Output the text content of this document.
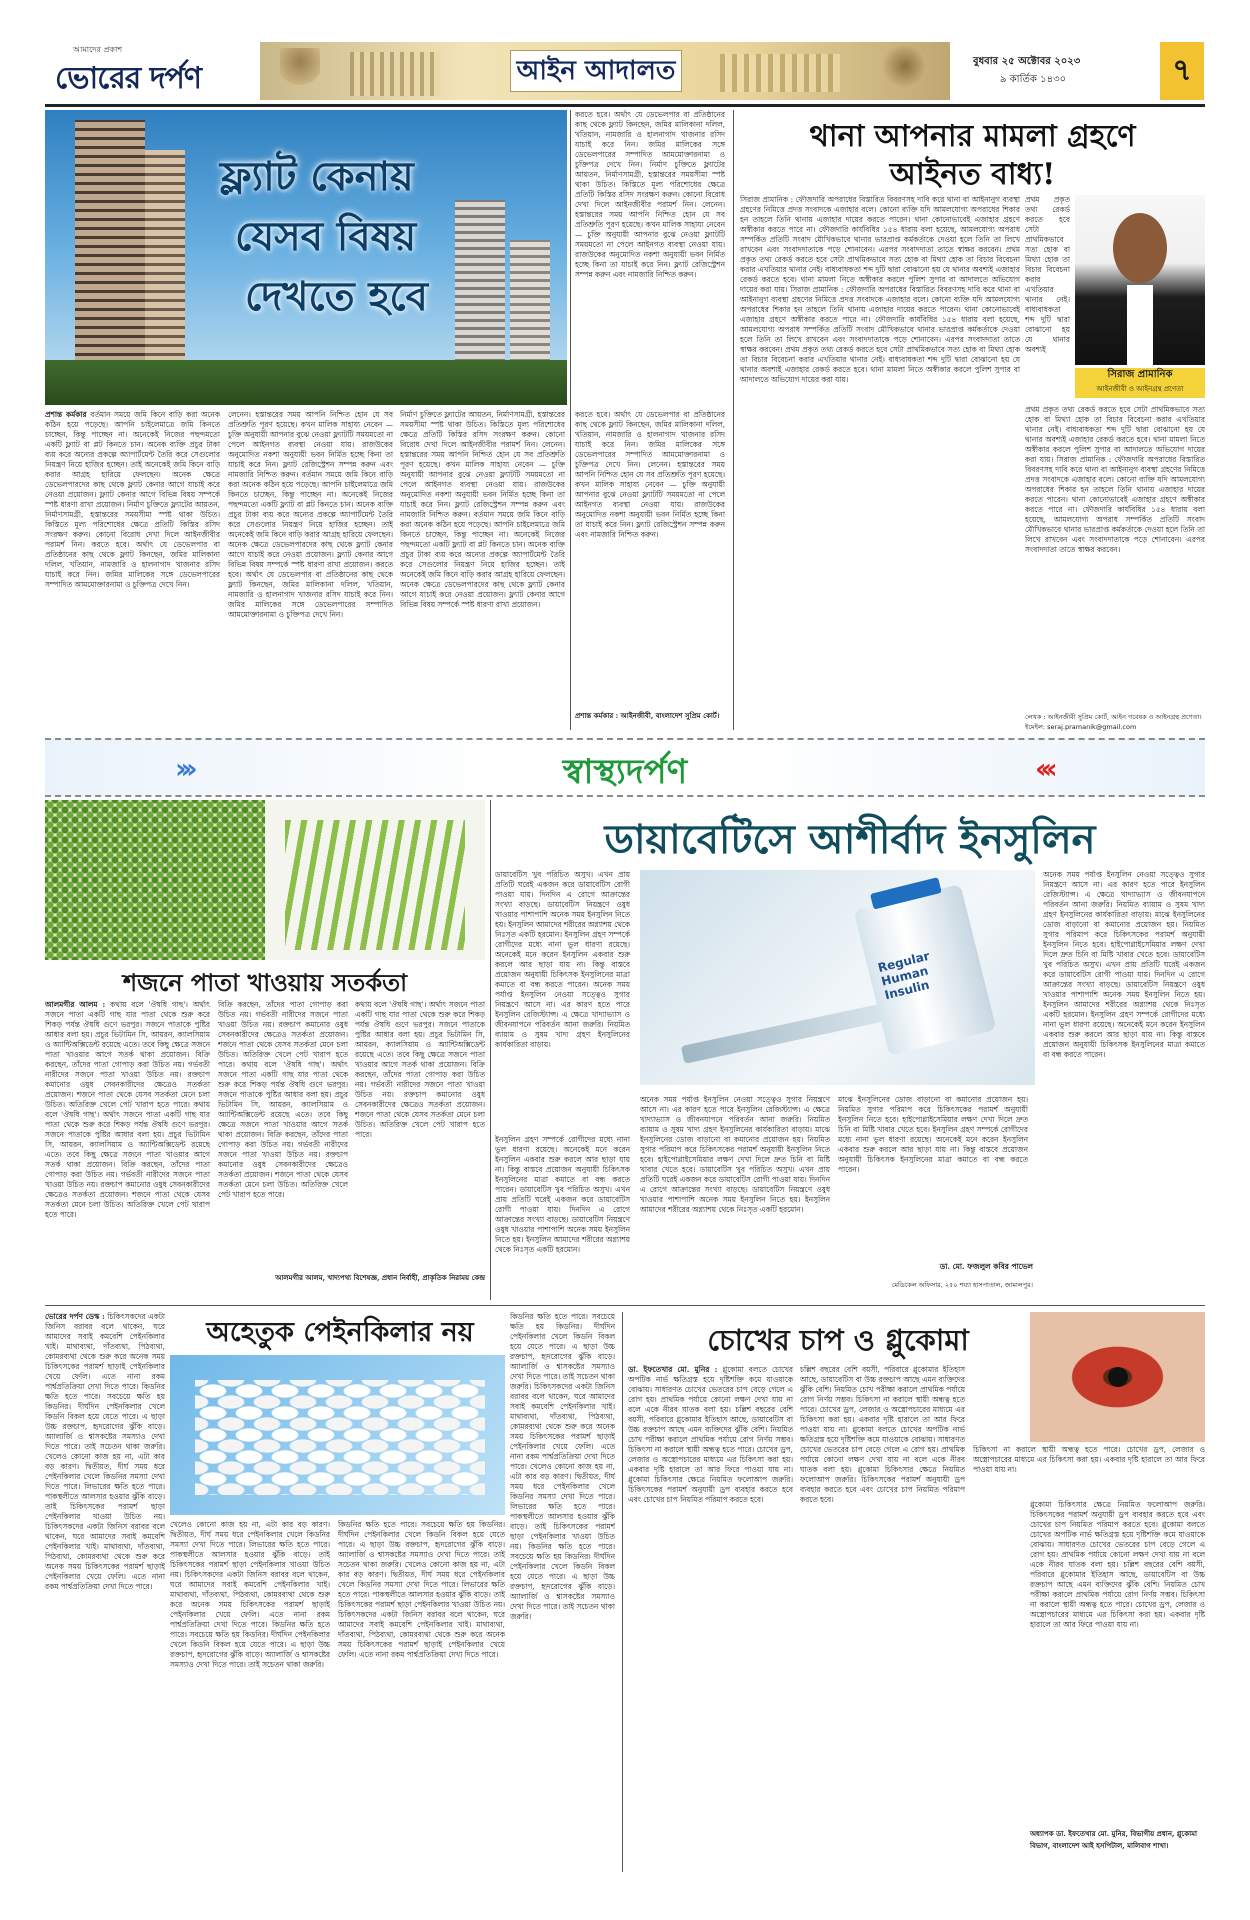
আমাদের প্রকাশ
ভোরের দর্পণ	আইন আদালত	বুধবার ২৫ অক্টোবর ২০২৩
৯ কার্তিক ১৪৩০	৭
ফ্ল্যাট কেনায়
যেসব বিষয়
দেখতে হবে
করতে হবে। অর্থাৎ যে ডেভেলপার বা প্রতিষ্ঠানের কাছ থেকে ফ্ল্যাট কিনছেন, জমির মালিকানা দলিল, খতিয়ান, নামজারি ও হালনাগাদ খাজনার রসিদ যাচাই করে নিন। জমির মালিকের সঙ্গে ডেভেলপারের সম্পাদিত আমমোক্তারনামা ও চুক্তিপত্র দেখে নিন। নির্মাণ চুক্তিতে ফ্ল্যাটের আয়তন, নির্মাণসামগ্রী, হস্তান্তরের সময়সীমা স্পষ্ট থাকা উচিত। কিস্তিতে মূল্য পরিশোধের ক্ষেত্রে প্রতিটি কিস্তির রসিদ সংরক্ষণ করুন। কোনো বিরোধ দেখা দিলে আইনজীবীর পরামর্শ নিন। লেনেন। হস্তান্তরের সময় আপনি নিশ্চিত হোন যে সব প্রতিশ্রুতি পূরণ হয়েছে। কখন মালিক সাহায্য নেবেন — চুক্তি অনুযায়ী আপনার বুঝে নেওয়া ফ্ল্যাটটি সময়মতো না পেলে আইনগত ব্যবস্থা নেওয়া যায়। রাজউকের অনুমোদিত নকশা অনুযায়ী ভবন নির্মিত হচ্ছে কিনা তা যাচাই করে নিন। ফ্ল্যাট রেজিস্ট্রেশন সম্পন্ন করুন এবং নামজারি নিশ্চিত করুন।
প্রশান্ত কর্মকার বর্তমান সময়ে জমি কিনে বাড়ি করা অনেক কঠিন হয়ে পড়েছে। আপনি চাইলেমাত্রে জমি কিনতে চাচ্ছেন, কিন্তু পাচ্ছেন না। অনেকেই নিজের পছন্দমতো একটি ফ্ল্যাট বা প্লট কিনতে চান। অনেক ব্যক্তি প্রচুর টাকা ব্যয় করে অন্যের প্রকল্পে অ্যাপার্টমেন্ট তৈরি করে সেগুলোর নিয়ন্ত্রণ নিয়ে হাজির হচ্ছেন। তাই অনেকেই জমি কিনে বাড়ি করার আগ্রহ হারিয়ে ফেলছেন। অনেক ক্ষেত্রে ডেভেলপারদের কাছ থেকে ফ্ল্যাট কেনার আগে যাচাই করে নেওয়া প্রয়োজন। ফ্ল্যাট কেনার আগে বিভিন্ন বিষয় সম্পর্কে স্পষ্ট ধারণা রাখা প্রয়োজন। নির্মাণ চুক্তিতে ফ্ল্যাটের আয়তন, নির্মাণসামগ্রী, হস্তান্তরের সময়সীমা স্পষ্ট থাকা উচিত। কিস্তিতে মূল্য পরিশোধের ক্ষেত্রে প্রতিটি কিস্তির রসিদ সংরক্ষণ করুন। কোনো বিরোধ দেখা দিলে আইনজীবীর পরামর্শ নিন। করতে হবে। অর্থাৎ যে ডেভেলপার বা প্রতিষ্ঠানের কাছ থেকে ফ্ল্যাট কিনছেন, জমির মালিকানা দলিল, খতিয়ান, নামজারি ও হালনাগাদ খাজনার রসিদ যাচাই করে নিন। জমির মালিকের সঙ্গে ডেভেলপারের সম্পাদিত আমমোক্তারনামা ও চুক্তিপত্র দেখে নিন।
লেনেন। হস্তান্তরের সময় আপনি নিশ্চিত হোন যে সব প্রতিশ্রুতি পূরণ হয়েছে। কখন মালিক সাহায্য নেবেন — চুক্তি অনুযায়ী আপনার বুঝে নেওয়া ফ্ল্যাটটি সময়মতো না পেলে আইনগত ব্যবস্থা নেওয়া যায়। রাজউকের অনুমোদিত নকশা অনুযায়ী ভবন নির্মিত হচ্ছে কিনা তা যাচাই করে নিন। ফ্ল্যাট রেজিস্ট্রেশন সম্পন্ন করুন এবং নামজারি নিশ্চিত করুন। বর্তমান সময়ে জমি কিনে বাড়ি করা অনেক কঠিন হয়ে পড়েছে। আপনি চাইলেমাত্রে জমি কিনতে চাচ্ছেন, কিন্তু পাচ্ছেন না। অনেকেই নিজের পছন্দমতো একটি ফ্ল্যাট বা প্লট কিনতে চান। অনেক ব্যক্তি প্রচুর টাকা ব্যয় করে অন্যের প্রকল্পে অ্যাপার্টমেন্ট তৈরি করে সেগুলোর নিয়ন্ত্রণ নিয়ে হাজির হচ্ছেন। তাই অনেকেই জমি কিনে বাড়ি করার আগ্রহ হারিয়ে ফেলছেন। অনেক ক্ষেত্রে ডেভেলপারদের কাছ থেকে ফ্ল্যাট কেনার আগে যাচাই করে নেওয়া প্রয়োজন। ফ্ল্যাট কেনার আগে বিভিন্ন বিষয় সম্পর্কে স্পষ্ট ধারণা রাখা প্রয়োজন। করতে হবে। অর্থাৎ যে ডেভেলপার বা প্রতিষ্ঠানের কাছ থেকে ফ্ল্যাট কিনছেন, জমির মালিকানা দলিল, খতিয়ান, নামজারি ও হালনাগাদ খাজনার রসিদ যাচাই করে নিন। জমির মালিকের সঙ্গে ডেভেলপারের সম্পাদিত আমমোক্তারনামা ও চুক্তিপত্র দেখে নিন।
নির্মাণ চুক্তিতে ফ্ল্যাটের আয়তন, নির্মাণসামগ্রী, হস্তান্তরের সময়সীমা স্পষ্ট থাকা উচিত। কিস্তিতে মূল্য পরিশোধের ক্ষেত্রে প্রতিটি কিস্তির রসিদ সংরক্ষণ করুন। কোনো বিরোধ দেখা দিলে আইনজীবীর পরামর্শ নিন। লেনেন। হস্তান্তরের সময় আপনি নিশ্চিত হোন যে সব প্রতিশ্রুতি পূরণ হয়েছে। কখন মালিক সাহায্য নেবেন — চুক্তি অনুযায়ী আপনার বুঝে নেওয়া ফ্ল্যাটটি সময়মতো না পেলে আইনগত ব্যবস্থা নেওয়া যায়। রাজউকের অনুমোদিত নকশা অনুযায়ী ভবন নির্মিত হচ্ছে কিনা তা যাচাই করে নিন। ফ্ল্যাট রেজিস্ট্রেশন সম্পন্ন করুন এবং নামজারি নিশ্চিত করুন। বর্তমান সময়ে জমি কিনে বাড়ি করা অনেক কঠিন হয়ে পড়েছে। আপনি চাইলেমাত্রে জমি কিনতে চাচ্ছেন, কিন্তু পাচ্ছেন না। অনেকেই নিজের পছন্দমতো একটি ফ্ল্যাট বা প্লট কিনতে চান। অনেক ব্যক্তি প্রচুর টাকা ব্যয় করে অন্যের প্রকল্পে অ্যাপার্টমেন্ট তৈরি করে সেগুলোর নিয়ন্ত্রণ নিয়ে হাজির হচ্ছেন। তাই অনেকেই জমি কিনে বাড়ি করার আগ্রহ হারিয়ে ফেলছেন। অনেক ক্ষেত্রে ডেভেলপারদের কাছ থেকে ফ্ল্যাট কেনার আগে যাচাই করে নেওয়া প্রয়োজন। ফ্ল্যাট কেনার আগে বিভিন্ন বিষয় সম্পর্কে স্পষ্ট ধারণা রাখা প্রয়োজন।
করতে হবে। অর্থাৎ যে ডেভেলপার বা প্রতিষ্ঠানের কাছ থেকে ফ্ল্যাট কিনছেন, জমির মালিকানা দলিল, খতিয়ান, নামজারি ও হালনাগাদ খাজনার রসিদ যাচাই করে নিন। জমির মালিকের সঙ্গে ডেভেলপারের সম্পাদিত আমমোক্তারনামা ও চুক্তিপত্র দেখে নিন। লেনেন। হস্তান্তরের সময় আপনি নিশ্চিত হোন যে সব প্রতিশ্রুতি পূরণ হয়েছে। কখন মালিক সাহায্য নেবেন — চুক্তি অনুযায়ী আপনার বুঝে নেওয়া ফ্ল্যাটটি সময়মতো না পেলে আইনগত ব্যবস্থা নেওয়া যায়। রাজউকের অনুমোদিত নকশা অনুযায়ী ভবন নির্মিত হচ্ছে কিনা তা যাচাই করে নিন। ফ্ল্যাট রেজিস্ট্রেশন সম্পন্ন করুন এবং নামজারি নিশ্চিত করুন।
প্রশান্ত কর্মকার : আইনজীবী, বাংলাদেশ সুপ্রিম কোর্ট।
থানা আপনার মামলা গ্রহণে
আইনত বাধ্য!
সিরাজ প্রামানিক : ফৌজদারি অপরাধের বিস্তারিত বিবরণসহ দাবি করে থানা বা আইনানুগ ব্যবস্থা গ্রহণের নিমিত্তে প্রদত্ত সংবাদকে এজাহার বলে। কোনো ব্যক্তি যদি আমলযোগ্য অপরাধের শিকার হন তাহলে তিনি থানায় এজাহার দায়ের করতে পারেন। থানা কোনোভাবেই এজাহার গ্রহণে অস্বীকার করতে পারে না। ফৌজদারি কার্যবিধির ১৫৪ ধারায় বলা হয়েছে, আমলযোগ্য অপরাধ সম্পর্কিত প্রতিটি সংবাদ মৌখিকভাবে থানার ভারপ্রাপ্ত কর্মকর্তাকে দেওয়া হলে তিনি তা লিখে রাখবেন এবং সংবাদদাতাকে পড়ে শোনাবেন। এরপর সংবাদদাতা তাতে স্বাক্ষর করবেন। প্রথম প্রকৃত তথ্য রেকর্ড করতে হবে সেটা প্রাথমিকভাবে সত্য হোক বা মিথ্যা হোক তা বিচার বিবেচনা করার এখতিয়ার থানার নেই। বাধ্যবাধকতা শব্দ দুটি দ্বারা বোঝানো হয় যে থানার অবশ্যই এজাহার রেকর্ড করতে হবে। থানা মামলা নিতে অস্বীকার করলে পুলিশ সুপার বা আদালতে অভিযোগ দায়ের করা যায়। সিরাজ প্রামানিক : ফৌজদারি অপরাধের বিস্তারিত বিবরণসহ দাবি করে থানা বা আইনানুগ ব্যবস্থা গ্রহণের নিমিত্তে প্রদত্ত সংবাদকে এজাহার বলে। কোনো ব্যক্তি যদি আমলযোগ্য অপরাধের শিকার হন তাহলে তিনি থানায় এজাহার দায়ের করতে পারেন। থানা কোনোভাবেই এজাহার গ্রহণে অস্বীকার করতে পারে না। ফৌজদারি কার্যবিধির ১৫৪ ধারায় বলা হয়েছে, আমলযোগ্য অপরাধ সম্পর্কিত প্রতিটি সংবাদ মৌখিকভাবে থানার ভারপ্রাপ্ত কর্মকর্তাকে দেওয়া হলে তিনি তা লিখে রাখবেন এবং সংবাদদাতাকে পড়ে শোনাবেন। এরপর সংবাদদাতা তাতে স্বাক্ষর করবেন। প্রথম প্রকৃত তথ্য রেকর্ড করতে হবে সেটা প্রাথমিকভাবে সত্য হোক বা মিথ্যা হোক তা বিচার বিবেচনা করার এখতিয়ার থানার নেই। বাধ্যবাধকতা শব্দ দুটি দ্বারা বোঝানো হয় যে থানার অবশ্যই এজাহার রেকর্ড করতে হবে। থানা মামলা নিতে অস্বীকার করলে পুলিশ সুপার বা আদালতে অভিযোগ দায়ের করা যায়।
প্রথম প্রকৃত তথ্য রেকর্ড করতে হবে সেটা প্রাথমিকভাবে সত্য হোক বা মিথ্যা হোক তা বিচার বিবেচনা করার এখতিয়ার থানার নেই। বাধ্যবাধকতা শব্দ দুটি দ্বারা বোঝানো হয় যে থানার অবশ্যই
সিরাজ প্রামানিক
আইনজীবী ও আইনগ্রন্থ প্রণেতা
প্রথম প্রকৃত তথ্য রেকর্ড করতে হবে সেটা প্রাথমিকভাবে সত্য হোক বা মিথ্যা হোক তা বিচার বিবেচনা করার এখতিয়ার থানার নেই। বাধ্যবাধকতা শব্দ দুটি দ্বারা বোঝানো হয় যে থানার অবশ্যই এজাহার রেকর্ড করতে হবে। থানা মামলা নিতে অস্বীকার করলে পুলিশ সুপার বা আদালতে অভিযোগ দায়ের করা যায়। সিরাজ প্রামানিক : ফৌজদারি অপরাধের বিস্তারিত বিবরণসহ দাবি করে থানা বা আইনানুগ ব্যবস্থা গ্রহণের নিমিত্তে প্রদত্ত সংবাদকে এজাহার বলে। কোনো ব্যক্তি যদি আমলযোগ্য অপরাধের শিকার হন তাহলে তিনি থানায় এজাহার দায়ের করতে পারেন। থানা কোনোভাবেই এজাহার গ্রহণে অস্বীকার করতে পারে না। ফৌজদারি কার্যবিধির ১৫৪ ধারায় বলা হয়েছে, আমলযোগ্য অপরাধ সম্পর্কিত প্রতিটি সংবাদ মৌখিকভাবে থানার ভারপ্রাপ্ত কর্মকর্তাকে দেওয়া হলে তিনি তা লিখে রাখবেন এবং সংবাদদাতাকে পড়ে শোনাবেন। এরপর সংবাদদাতা তাতে স্বাক্ষর করবেন।
লেখক : আইনজীবী সুপ্রিম কোর্ট, আইন গবেষক ও আইনগ্রন্থ প্রণেতা।
ইমেইল: seraj.pramanik@gmail.com
›››	স্বাস্থ্যদর্পণ	‹‹‹
শজনে পাতা খাওয়ায় সতর্কতা
আলমগীর আলম : কথায় বলে 'ঔষধি গাছ'। অর্থাৎ সজনে পাতা একটি গাছ যার পাতা থেকে শুরু করে শিকড় পর্যন্ত ঔষধি গুণে ভরপুর। সজনে পাতাকে পুষ্টির আধার বলা হয়। প্রচুর ভিটামিন সি, আয়রন, ক্যালসিয়াম ও অ্যান্টিঅক্সিডেন্ট রয়েছে এতে। তবে কিছু ক্ষেত্রে সজনে পাতা খাওয়ার আগে সতর্ক থাকা প্রয়োজন। বিক্রি করছেন, তাঁদের পাতা গোপাড় করা উচিত নয়। গর্ভবতী নারীদের সজনে পাতা খাওয়া উচিত নয়। রক্তচাপ কমানোর ওষুধ সেবনকারীদের ক্ষেত্রেও সতর্কতা প্রয়োজন। শজনে পাতা থেকে যেসব সতর্কতা মেনে চলা উচিত। অতিরিক্ত খেলে পেট খারাপ হতে পারে। কথায় বলে 'ঔষধি গাছ'। অর্থাৎ সজনে পাতা একটি গাছ যার পাতা থেকে শুরু করে শিকড় পর্যন্ত ঔষধি গুণে ভরপুর। সজনে পাতাকে পুষ্টির আধার বলা হয়। প্রচুর ভিটামিন সি, আয়রন, ক্যালসিয়াম ও অ্যান্টিঅক্সিডেন্ট রয়েছে এতে। তবে কিছু ক্ষেত্রে সজনে পাতা খাওয়ার আগে সতর্ক থাকা প্রয়োজন। বিক্রি করছেন, তাঁদের পাতা গোপাড় করা উচিত নয়। গর্ভবতী নারীদের সজনে পাতা খাওয়া উচিত নয়। রক্তচাপ কমানোর ওষুধ সেবনকারীদের ক্ষেত্রেও সতর্কতা প্রয়োজন। শজনে পাতা থেকে যেসব সতর্কতা মেনে চলা উচিত। অতিরিক্ত খেলে পেট খারাপ হতে পারে।
বিক্রি করছেন, তাঁদের পাতা গোপাড় করা উচিত নয়। গর্ভবতী নারীদের সজনে পাতা খাওয়া উচিত নয়। রক্তচাপ কমানোর ওষুধ সেবনকারীদের ক্ষেত্রেও সতর্কতা প্রয়োজন। শজনে পাতা থেকে যেসব সতর্কতা মেনে চলা উচিত। অতিরিক্ত খেলে পেট খারাপ হতে পারে। কথায় বলে 'ঔষধি গাছ'। অর্থাৎ সজনে পাতা একটি গাছ যার পাতা থেকে শুরু করে শিকড় পর্যন্ত ঔষধি গুণে ভরপুর। সজনে পাতাকে পুষ্টির আধার বলা হয়। প্রচুর ভিটামিন সি, আয়রন, ক্যালসিয়াম ও অ্যান্টিঅক্সিডেন্ট রয়েছে এতে। তবে কিছু ক্ষেত্রে সজনে পাতা খাওয়ার আগে সতর্ক থাকা প্রয়োজন। বিক্রি করছেন, তাঁদের পাতা গোপাড় করা উচিত নয়। গর্ভবতী নারীদের সজনে পাতা খাওয়া উচিত নয়। রক্তচাপ কমানোর ওষুধ সেবনকারীদের ক্ষেত্রেও সতর্কতা প্রয়োজন। শজনে পাতা থেকে যেসব সতর্কতা মেনে চলা উচিত। অতিরিক্ত খেলে পেট খারাপ হতে পারে।
কথায় বলে 'ঔষধি গাছ'। অর্থাৎ সজনে পাতা একটি গাছ যার পাতা থেকে শুরু করে শিকড় পর্যন্ত ঔষধি গুণে ভরপুর। সজনে পাতাকে পুষ্টির আধার বলা হয়। প্রচুর ভিটামিন সি, আয়রন, ক্যালসিয়াম ও অ্যান্টিঅক্সিডেন্ট রয়েছে এতে। তবে কিছু ক্ষেত্রে সজনে পাতা খাওয়ার আগে সতর্ক থাকা প্রয়োজন। বিক্রি করছেন, তাঁদের পাতা গোপাড় করা উচিত নয়। গর্ভবতী নারীদের সজনে পাতা খাওয়া উচিত নয়। রক্তচাপ কমানোর ওষুধ সেবনকারীদের ক্ষেত্রেও সতর্কতা প্রয়োজন। শজনে পাতা থেকে যেসব সতর্কতা মেনে চলা উচিত। অতিরিক্ত খেলে পেট খারাপ হতে পারে।
আলমগীর আলম, খাদ্যপথ্য বিশেষজ্ঞ, প্রধান নির্বাহী, প্রাকৃতিক নিরাময় কেন্দ্র
ডায়াবেটিসে আশীর্বাদ ইনসুলিন
ডায়াবেটিস খুব পরিচিত অসুখ। এখন প্রায় প্রতিটি ঘরেই একজন করে ডায়াবেটিস রোগী পাওয়া যায়। দিনদিন এ রোগে আক্রান্তের সংখ্যা বাড়ছে। ডায়াবেটিস নিয়ন্ত্রণে ওষুধ খাওয়ার পাশাপাশি অনেক সময় ইনসুলিন নিতে হয়। ইনসুলিন আমাদের শরীরের অগ্ন্যাশয় থেকে নিঃসৃত একটি হরমোন। ইনসুলিন গ্রহণ সম্পর্কে রোগীদের মধ্যে নানা ভুল ধারণা রয়েছে। অনেকেই মনে করেন ইনসুলিন একবার শুরু করলে আর ছাড়া যায় না। কিন্তু বাস্তবে প্রয়োজন অনুযায়ী চিকিৎসক ইনসুলিনের মাত্রা কমাতে বা বন্ধ করতে পারেন। অনেক সময় পর্যাপ্ত ইনসুলিন নেওয়া সত্ত্বেও সুগার নিয়ন্ত্রণে আসে না। এর কারণ হতে পারে ইনসুলিন রেজিস্ট্যান্স। এ ক্ষেত্রে খাদ্যাভ্যাস ও জীবনযাপনে পরিবর্তন আনা জরুরি। নিয়মিত ব্যায়াম ও সুষম খাদ্য গ্রহণ ইনসুলিনের কার্যকারিতা বাড়ায়।
Regular Human Insulin
ইনসুলিন গ্রহণ সম্পর্কে রোগীদের মধ্যে নানা ভুল ধারণা রয়েছে। অনেকেই মনে করেন ইনসুলিন একবার শুরু করলে আর ছাড়া যায় না। কিন্তু বাস্তবে প্রয়োজন অনুযায়ী চিকিৎসক ইনসুলিনের মাত্রা কমাতে বা বন্ধ করতে পারেন। ডায়াবেটিস খুব পরিচিত অসুখ। এখন প্রায় প্রতিটি ঘরেই একজন করে ডায়াবেটিস রোগী পাওয়া যায়। দিনদিন এ রোগে আক্রান্তের সংখ্যা বাড়ছে। ডায়াবেটিস নিয়ন্ত্রণে ওষুধ খাওয়ার পাশাপাশি অনেক সময় ইনসুলিন নিতে হয়। ইনসুলিন আমাদের শরীরের অগ্ন্যাশয় থেকে নিঃসৃত একটি হরমোন।
অনেক সময় পর্যাপ্ত ইনসুলিন নেওয়া সত্ত্বেও সুগার নিয়ন্ত্রণে আসে না। এর কারণ হতে পারে ইনসুলিন রেজিস্ট্যান্স। এ ক্ষেত্রে খাদ্যাভ্যাস ও জীবনযাপনে পরিবর্তন আনা জরুরি। নিয়মিত ব্যায়াম ও সুষম খাদ্য গ্রহণ ইনসুলিনের কার্যকারিতা বাড়ায়। মাঝে ইনসুলিনের ডোজ বাড়ানো বা কমানোর প্রয়োজন হয়। নিয়মিত সুগার পরিমাপ করে চিকিৎসকের পরামর্শ অনুযায়ী ইনসুলিন নিতে হবে। হাইপোগ্লাইসেমিয়ার লক্ষণ দেখা দিলে দ্রুত চিনি বা মিষ্টি খাবার খেতে হবে। ডায়াবেটিস খুব পরিচিত অসুখ। এখন প্রায় প্রতিটি ঘরেই একজন করে ডায়াবেটিস রোগী পাওয়া যায়। দিনদিন এ রোগে আক্রান্তের সংখ্যা বাড়ছে। ডায়াবেটিস নিয়ন্ত্রণে ওষুধ খাওয়ার পাশাপাশি অনেক সময় ইনসুলিন নিতে হয়। ইনসুলিন আমাদের শরীরের অগ্ন্যাশয় থেকে নিঃসৃত একটি হরমোন।
মাঝে ইনসুলিনের ডোজ বাড়ানো বা কমানোর প্রয়োজন হয়। নিয়মিত সুগার পরিমাপ করে চিকিৎসকের পরামর্শ অনুযায়ী ইনসুলিন নিতে হবে। হাইপোগ্লাইসেমিয়ার লক্ষণ দেখা দিলে দ্রুত চিনি বা মিষ্টি খাবার খেতে হবে। ইনসুলিন গ্রহণ সম্পর্কে রোগীদের মধ্যে নানা ভুল ধারণা রয়েছে। অনেকেই মনে করেন ইনসুলিন একবার শুরু করলে আর ছাড়া যায় না। কিন্তু বাস্তবে প্রয়োজন অনুযায়ী চিকিৎসক ইনসুলিনের মাত্রা কমাতে বা বন্ধ করতে পারেন।
অনেক সময় পর্যাপ্ত ইনসুলিন নেওয়া সত্ত্বেও সুগার নিয়ন্ত্রণে আসে না। এর কারণ হতে পারে ইনসুলিন রেজিস্ট্যান্স। এ ক্ষেত্রে খাদ্যাভ্যাস ও জীবনযাপনে পরিবর্তন আনা জরুরি। নিয়মিত ব্যায়াম ও সুষম খাদ্য গ্রহণ ইনসুলিনের কার্যকারিতা বাড়ায়। মাঝে ইনসুলিনের ডোজ বাড়ানো বা কমানোর প্রয়োজন হয়। নিয়মিত সুগার পরিমাপ করে চিকিৎসকের পরামর্শ অনুযায়ী ইনসুলিন নিতে হবে। হাইপোগ্লাইসেমিয়ার লক্ষণ দেখা দিলে দ্রুত চিনি বা মিষ্টি খাবার খেতে হবে। ডায়াবেটিস খুব পরিচিত অসুখ। এখন প্রায় প্রতিটি ঘরেই একজন করে ডায়াবেটিস রোগী পাওয়া যায়। দিনদিন এ রোগে আক্রান্তের সংখ্যা বাড়ছে। ডায়াবেটিস নিয়ন্ত্রণে ওষুধ খাওয়ার পাশাপাশি অনেক সময় ইনসুলিন নিতে হয়। ইনসুলিন আমাদের শরীরের অগ্ন্যাশয় থেকে নিঃসৃত একটি হরমোন। ইনসুলিন গ্রহণ সম্পর্কে রোগীদের মধ্যে নানা ভুল ধারণা রয়েছে। অনেকেই মনে করেন ইনসুলিন একবার শুরু করলে আর ছাড়া যায় না। কিন্তু বাস্তবে প্রয়োজন অনুযায়ী চিকিৎসক ইনসুলিনের মাত্রা কমাতে বা বন্ধ করতে পারেন।
ডা. মো. ফজলুল কবির পাভেল
মেডিকেল অফিসার, ২৫০ শয্যা হাসপাতাল, জামালপুর।
ভোরের দর্পণ ডেস্ক : চিকিৎসকদের একটা জিনিস বরাবর বলে থাকেন, ঘরে আমাদের সবাই কমবেশি পেইনকিলার খাই। মাথাব্যথা, দাঁতব্যথা, পিঠব্যথা, কোমরব্যথা থেকে শুরু করে অনেক সময় চিকিৎসকের পরামর্শ ছাড়াই পেইনকিলার খেয়ে ফেলি। এতে নানা রকম পার্শ্বপ্রতিক্রিয়া দেখা দিতে পারে। কিডনির ক্ষতি হতে পারে। সবচেয়ে ক্ষতি হয় কিডনির। দীর্ঘদিন পেইনকিলার খেলে কিডনি বিকল হয়ে যেতে পারে। এ ছাড়া উচ্চ রক্তচাপ, হৃদরোগের ঝুঁকি বাড়ে। অ্যালার্জি ও শ্বাসকষ্টের সমস্যাও দেখা দিতে পারে। তাই সচেতন থাকা জরুরি। খেলেও কোনো কাজ হয় না, এটা কার বড় কারণ। দ্বিতীয়ত, দীর্ঘ সময় ধরে পেইনকিলার খেলে কিডনির সমস্যা দেখা দিতে পারে। লিভারের ক্ষতি হতে পারে। পাকস্থলীতে আলসার হওয়ার ঝুঁকি বাড়ে। তাই চিকিৎসকের পরামর্শ ছাড়া পেইনকিলার খাওয়া উচিত নয়। চিকিৎসকদের একটা জিনিস বরাবর বলে থাকেন, ঘরে আমাদের সবাই কমবেশি পেইনকিলার খাই। মাথাব্যথা, দাঁতব্যথা, পিঠব্যথা, কোমরব্যথা থেকে শুরু করে অনেক সময় চিকিৎসকের পরামর্শ ছাড়াই পেইনকিলার খেয়ে ফেলি। এতে নানা রকম পার্শ্বপ্রতিক্রিয়া দেখা দিতে পারে।
অহেতুক পেইনকিলার নয়
খেলেও কোনো কাজ হয় না, এটা কার বড় কারণ। দ্বিতীয়ত, দীর্ঘ সময় ধরে পেইনকিলার খেলে কিডনির সমস্যা দেখা দিতে পারে। লিভারের ক্ষতি হতে পারে। পাকস্থলীতে আলসার হওয়ার ঝুঁকি বাড়ে। তাই চিকিৎসকের পরামর্শ ছাড়া পেইনকিলার খাওয়া উচিত নয়। চিকিৎসকদের একটা জিনিস বরাবর বলে থাকেন, ঘরে আমাদের সবাই কমবেশি পেইনকিলার খাই। মাথাব্যথা, দাঁতব্যথা, পিঠব্যথা, কোমরব্যথা থেকে শুরু করে অনেক সময় চিকিৎসকের পরামর্শ ছাড়াই পেইনকিলার খেয়ে ফেলি। এতে নানা রকম পার্শ্বপ্রতিক্রিয়া দেখা দিতে পারে। কিডনির ক্ষতি হতে পারে। সবচেয়ে ক্ষতি হয় কিডনির। দীর্ঘদিন পেইনকিলার খেলে কিডনি বিকল হয়ে যেতে পারে। এ ছাড়া উচ্চ রক্তচাপ, হৃদরোগের ঝুঁকি বাড়ে। অ্যালার্জি ও শ্বাসকষ্টের সমস্যাও দেখা দিতে পারে। তাই সচেতন থাকা জরুরি।
কিডনির ক্ষতি হতে পারে। সবচেয়ে ক্ষতি হয় কিডনির। দীর্ঘদিন পেইনকিলার খেলে কিডনি বিকল হয়ে যেতে পারে। এ ছাড়া উচ্চ রক্তচাপ, হৃদরোগের ঝুঁকি বাড়ে। অ্যালার্জি ও শ্বাসকষ্টের সমস্যাও দেখা দিতে পারে। তাই সচেতন থাকা জরুরি। খেলেও কোনো কাজ হয় না, এটা কার বড় কারণ। দ্বিতীয়ত, দীর্ঘ সময় ধরে পেইনকিলার খেলে কিডনির সমস্যা দেখা দিতে পারে। লিভারের ক্ষতি হতে পারে। পাকস্থলীতে আলসার হওয়ার ঝুঁকি বাড়ে। তাই চিকিৎসকের পরামর্শ ছাড়া পেইনকিলার খাওয়া উচিত নয়। চিকিৎসকদের একটা জিনিস বরাবর বলে থাকেন, ঘরে আমাদের সবাই কমবেশি পেইনকিলার খাই। মাথাব্যথা, দাঁতব্যথা, পিঠব্যথা, কোমরব্যথা থেকে শুরু করে অনেক সময় চিকিৎসকের পরামর্শ ছাড়াই পেইনকিলার খেয়ে ফেলি। এতে নানা রকম পার্শ্বপ্রতিক্রিয়া দেখা দিতে পারে।
কিডনির ক্ষতি হতে পারে। সবচেয়ে ক্ষতি হয় কিডনির। দীর্ঘদিন পেইনকিলার খেলে কিডনি বিকল হয়ে যেতে পারে। এ ছাড়া উচ্চ রক্তচাপ, হৃদরোগের ঝুঁকি বাড়ে। অ্যালার্জি ও শ্বাসকষ্টের সমস্যাও দেখা দিতে পারে। তাই সচেতন থাকা জরুরি। চিকিৎসকদের একটা জিনিস বরাবর বলে থাকেন, ঘরে আমাদের সবাই কমবেশি পেইনকিলার খাই। মাথাব্যথা, দাঁতব্যথা, পিঠব্যথা, কোমরব্যথা থেকে শুরু করে অনেক সময় চিকিৎসকের পরামর্শ ছাড়াই পেইনকিলার খেয়ে ফেলি। এতে নানা রকম পার্শ্বপ্রতিক্রিয়া দেখা দিতে পারে। খেলেও কোনো কাজ হয় না, এটা কার বড় কারণ। দ্বিতীয়ত, দীর্ঘ সময় ধরে পেইনকিলার খেলে কিডনির সমস্যা দেখা দিতে পারে। লিভারের ক্ষতি হতে পারে। পাকস্থলীতে আলসার হওয়ার ঝুঁকি বাড়ে। তাই চিকিৎসকের পরামর্শ ছাড়া পেইনকিলার খাওয়া উচিত নয়। কিডনির ক্ষতি হতে পারে। সবচেয়ে ক্ষতি হয় কিডনির। দীর্ঘদিন পেইনকিলার খেলে কিডনি বিকল হয়ে যেতে পারে। এ ছাড়া উচ্চ রক্তচাপ, হৃদরোগের ঝুঁকি বাড়ে। অ্যালার্জি ও শ্বাসকষ্টের সমস্যাও দেখা দিতে পারে। তাই সচেতন থাকা জরুরি।
চোখের চাপ ও গ্লুকোমা
ডা. ইফতেখার মো. মুনির : গ্লুকোমা বলতে চোখের অপটিক নার্ভ ক্ষতিগ্রস্ত হয়ে দৃষ্টিশক্তি কমে যাওয়াকে বোঝায়। সাধারণত চোখের ভেতরের চাপ বেড়ে গেলে এ রোগ হয়। প্রাথমিক পর্যায়ে কোনো লক্ষণ দেখা যায় না বলে একে নীরব ঘাতক বলা হয়। চল্লিশ বছরের বেশি বয়সী, পরিবারে গ্লুকোমার ইতিহাস আছে, ডায়াবেটিস বা উচ্চ রক্তচাপ আছে এমন ব্যক্তিদের ঝুঁকি বেশি। নিয়মিত চোখ পরীক্ষা করালে প্রাথমিক পর্যায়ে রোগ নির্ণয় সম্ভব। চিকিৎসা না করালে স্থায়ী অন্ধত্ব হতে পারে। চোখের ড্রপ, লেজার ও অস্ত্রোপচারের মাধ্যমে এর চিকিৎসা করা হয়। একবার দৃষ্টি হারালে তা আর ফিরে পাওয়া যায় না। গ্লুকোমা চিকিৎসার ক্ষেত্রে নিয়মিত ফলোআপ জরুরি। চিকিৎসকের পরামর্শ অনুযায়ী ড্রপ ব্যবহার করতে হবে এবং চোখের চাপ নিয়মিত পরিমাপ করতে হবে।
চল্লিশ বছরের বেশি বয়সী, পরিবারে গ্লুকোমার ইতিহাস আছে, ডায়াবেটিস বা উচ্চ রক্তচাপ আছে এমন ব্যক্তিদের ঝুঁকি বেশি। নিয়মিত চোখ পরীক্ষা করালে প্রাথমিক পর্যায়ে রোগ নির্ণয় সম্ভব। চিকিৎসা না করালে স্থায়ী অন্ধত্ব হতে পারে। চোখের ড্রপ, লেজার ও অস্ত্রোপচারের মাধ্যমে এর চিকিৎসা করা হয়। একবার দৃষ্টি হারালে তা আর ফিরে পাওয়া যায় না। গ্লুকোমা বলতে চোখের অপটিক নার্ভ ক্ষতিগ্রস্ত হয়ে দৃষ্টিশক্তি কমে যাওয়াকে বোঝায়। সাধারণত চোখের ভেতরের চাপ বেড়ে গেলে এ রোগ হয়। প্রাথমিক পর্যায়ে কোনো লক্ষণ দেখা যায় না বলে একে নীরব ঘাতক বলা হয়। গ্লুকোমা চিকিৎসার ক্ষেত্রে নিয়মিত ফলোআপ জরুরি। চিকিৎসকের পরামর্শ অনুযায়ী ড্রপ ব্যবহার করতে হবে এবং চোখের চাপ নিয়মিত পরিমাপ করতে হবে।
চিকিৎসা না করালে স্থায়ী অন্ধত্ব হতে পারে। চোখের ড্রপ, লেজার ও অস্ত্রোপচারের মাধ্যমে এর চিকিৎসা করা হয়। একবার দৃষ্টি হারালে তা আর ফিরে পাওয়া যায় না।
গ্লুকোমা চিকিৎসার ক্ষেত্রে নিয়মিত ফলোআপ জরুরি। চিকিৎসকের পরামর্শ অনুযায়ী ড্রপ ব্যবহার করতে হবে এবং চোখের চাপ নিয়মিত পরিমাপ করতে হবে। গ্লুকোমা বলতে চোখের অপটিক নার্ভ ক্ষতিগ্রস্ত হয়ে দৃষ্টিশক্তি কমে যাওয়াকে বোঝায়। সাধারণত চোখের ভেতরের চাপ বেড়ে গেলে এ রোগ হয়। প্রাথমিক পর্যায়ে কোনো লক্ষণ দেখা যায় না বলে একে নীরব ঘাতক বলা হয়। চল্লিশ বছরের বেশি বয়সী, পরিবারে গ্লুকোমার ইতিহাস আছে, ডায়াবেটিস বা উচ্চ রক্তচাপ আছে এমন ব্যক্তিদের ঝুঁকি বেশি। নিয়মিত চোখ পরীক্ষা করালে প্রাথমিক পর্যায়ে রোগ নির্ণয় সম্ভব। চিকিৎসা না করালে স্থায়ী অন্ধত্ব হতে পারে। চোখের ড্রপ, লেজার ও অস্ত্রোপচারের মাধ্যমে এর চিকিৎসা করা হয়। একবার দৃষ্টি হারালে তা আর ফিরে পাওয়া যায় না।
অধ্যাপক ডা. ইফতেখার মো. মুনির, বিভাগীয় প্রধান, গ্লুকোমা বিভাগ, বাংলাদেশ আই হসপিটাল, মালিবাগ শাখা।
